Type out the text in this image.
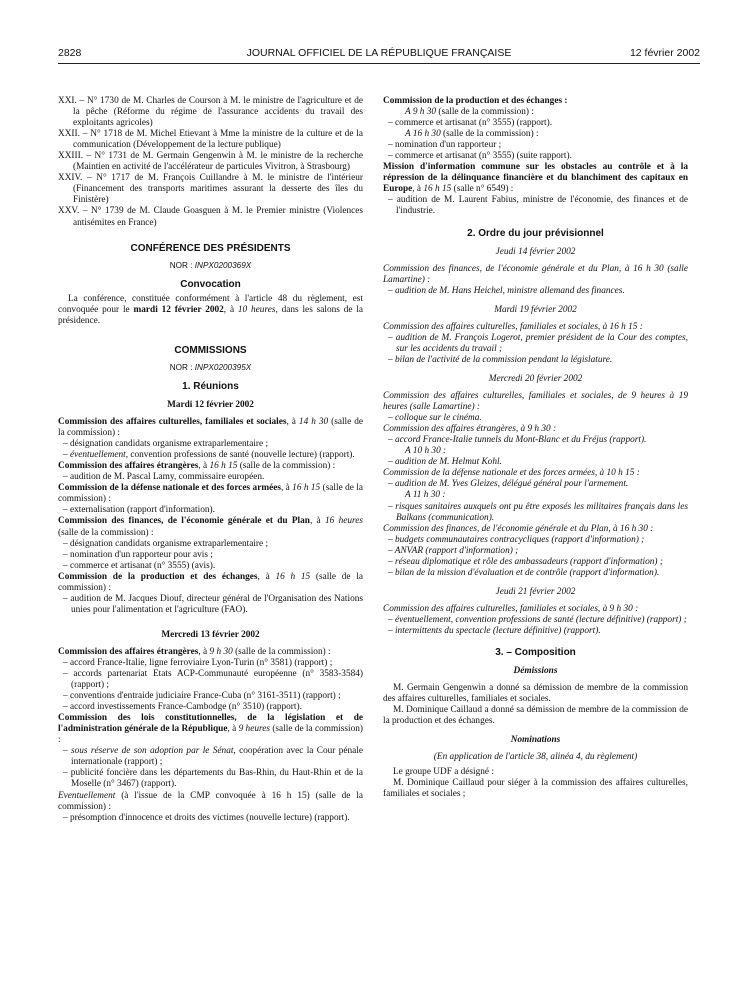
2828	JOURNAL OFFICIEL DE LA RÉPUBLIQUE FRANÇAISE	12 février 2002

XXI. – N° 1730 de M. Charles de Courson à M. le ministre de l'agriculture et de la pêche (Réforme du régime de l'assurance accidents du travail des exploitants agricoles)

XXII. – N° 1718 de M. Michel Etievant à Mme la ministre de la culture et de la communication (Développement de la lecture publique)

XXIII. – N° 1731 de M. Germain Gengenwin à M. le ministre de la recherche (Maintien en activité de l'accélérateur de particules Vivitron, à Strasbourg)

XXIV. – N° 1717 de M. François Cuillandre à M. le ministre de l'intérieur (Financement des transports maritimes assurant la desserte des îles du Finistère)

XXV. – N° 1739 de M. Claude Goasguen à M. le Premier ministre (Violences antisémites en France)

CONFÉRENCE DES PRÉSIDENTS

NOR : INPX0200369X

Convocation

La conférence, constituée conformément à l'article 48 du règlement, est convoquée pour le mardi 12 février 2002, à 10 heures, dans les salons de la présidence.

COMMISSIONS

NOR : INPX0200395X

1. Réunions

Mardi 12 février 2002

Commission des affaires culturelles, familiales et sociales, à 14 h 30 (salle de la commission) :

– désignation candidats organisme extraparlementaire ;

– éventuellement, convention professions de santé (nouvelle lecture) (rapport).

Commission des affaires étrangères, à 16 h 15 (salle de la commission) :

– audition de M. Pascal Lamy, commissaire européen.

Commission de la défense nationale et des forces armées, à 16 h 15 (salle de la commission) :

– externalisation (rapport d'information).

Commission des finances, de l'économie générale et du Plan, à 16 heures (salle de la commission) :

– désignation candidats organisme extraparlementaire ;

– nomination d'un rapporteur pour avis ;

– commerce et artisanat (n° 3555) (avis).

Commission de la production et des échanges, à 16 h 15 (salle de la commission) :

– audition de M. Jacques Diouf, directeur général de l'Organisation des Nations unies pour l'alimentation et l'agriculture (FAO).

Mercredi 13 février 2002

Commission des affaires étrangères, à 9 h 30 (salle de la commission) :

– accord France-Italie, ligne ferroviaire Lyon-Turin (n° 3581) (rapport) ;

– accords partenariat Etats ACP-Communauté européenne (n° 3583-3584) (rapport) ;

– conventions d'entraide judiciaire France-Cuba (n° 3161-3511) (rapport) ;

– accord investissements France-Cambodge (n° 3510) (rapport).

Commission des lois constitutionnelles, de la législation et de l'administration générale de la République, à 9 heures (salle de la commission) :

– sous réserve de son adoption par le Sénat, coopération avec la Cour pénale internationale (rapport) ;

– publicité foncière dans les départements du Bas-Rhin, du Haut-Rhin et de la Moselle (n° 3467) (rapport).

Eventuellement (à l'issue de la CMP convoquée à 16 h 15) (salle de la commission) :

– présomption d'innocence et droits des victimes (nouvelle lecture) (rapport).

Commission de la production et des échanges :

A 9 h 30 (salle de la commission) :

– commerce et artisanat (n° 3555) (rapport).

A 16 h 30 (salle de la commission) :

– nomination d'un rapporteur ;

– commerce et artisanat (n° 3555) (suite rapport).

Mission d'information commune sur les obstacles au contrôle et à la répression de la délinquance financière et du blanchiment des capitaux en Europe, à 16 h 15 (salle n° 6549) :

– audition de M. Laurent Fabius, ministre de l'économie, des finances et de l'industrie.

2. Ordre du jour prévisionnel

Jeudi 14 février 2002

Commission des finances, de l'économie générale et du Plan, à 16 h 30 (salle Lamartine) :

– audition de M. Hans Heichel, ministre allemand des finances.

Mardi 19 février 2002

Commission des affaires culturelles, familiales et sociales, à 16 h 15 :

– audition de M. François Logerot, premier président de la Cour des comptes, sur les accidents du travail ;

– bilan de l'activité de la commission pendant la législature.

Mercredi 20 février 2002

Commission des affaires culturelles, familiales et sociales, de 9 heures à 19 heures (salle Lamartine) :

– colloque sur le cinéma.

Commission des affaires étrangères, à 9 h 30 :

– accord France-Italie tunnels du Mont-Blanc et du Fréjus (rapport).

A 10 h 30 :

– audition de M. Helmut Kohl.

Commission de la défense nationale et des forces armées, à 10 h 15 :

– audition de M. Yves Gleizes, délégué général pour l'armement.

A 11 h 30 :

– risques sanitaires auxquels ont pu être exposés les militaires français dans les Balkans (communication).

Commission des finances, de l'économie générale et du Plan, à 16 h 30 :

– budgets communautaires contracycliques (rapport d'information) ;

– ANVAR (rapport d'information) ;

– réseau diplomatique et rôle des ambassadeurs (rapport d'information) ;

– bilan de la mission d'évaluation et de contrôle (rapport d'information).

Jeudi 21 février 2002

Commission des affaires culturelles, familiales et sociales, à 9 h 30 :

– éventuellement, convention professions de santé (lecture définitive) (rapport) ;

– intermittents du spectacle (lecture définitive) (rapport).

3. – Composition

Démissions

M. Germain Gengenwin a donné sa démission de membre de la commission des affaires culturelles, familiales et sociales.

M. Dominique Caillaud a donné sa démission de membre de la commission de la production et des échanges.

Nominations

(En application de l'article 38, alinéa 4, du règlement)

Le groupe UDF a désigné :

M. Dominique Caillaud pour siéger à la commission des affaires culturelles, familiales et sociales ;
